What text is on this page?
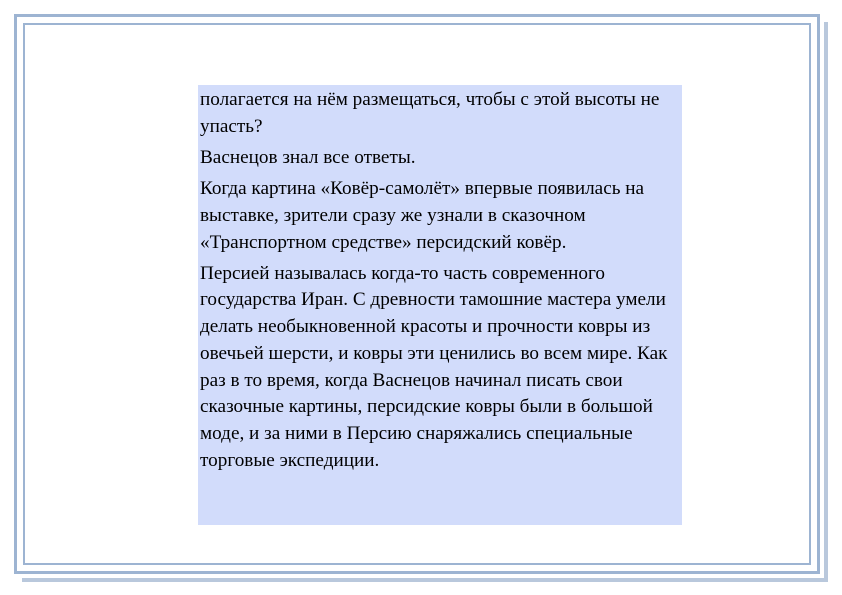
полагается на нём размещаться, чтобы с этой высоты не упасть?

Васнецов знал все ответы.

Когда картина «Ковёр-самолёт» впервые появилась на выставке, зрители сразу же узнали в сказочном «Транспортном средстве» персидский ковёр.

Персией называлась когда-то часть современного государства Иран. С древности тамошние мастера умели делать необыкновенной красоты и прочности ковры из овечьей шерсти, и ковры эти ценились во всем мире. Как раз в то время, когда Васнецов начинал писать свои сказочные картины, персидские ковры были в большой моде, и за ними в Персию снаряжались специальные торговые экспедиции.
